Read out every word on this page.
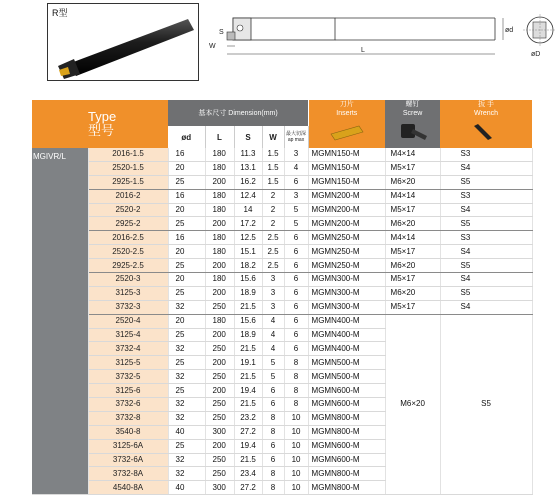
R型
L
W
S	ød
øD
Type
型号		基本尺寸 Dimension(mm)					刀片
Inserts	螺钉
Screw	扳 手
Wrench

		ød	L	S	W	最大切深
ap max			
MGIVR/L	2016-1.5	16	180	11.3	1.5	3	MGMN150-M	M4×14	S3
	2520-1.5	20	180	13.1	1.5	4	MGMN150-M	M5×17	S4
	2925-1.5	25	200	16.2	1.5	6	MGMN150-M	M6×20	S5
	2016-2	16	180	12.4	2	3	MGMN200-M	M4×14	S3
	2520-2	20	180	14	2	5	MGMN200-M	M5×17	S4
	2925-2	25	200	17.2	2	5	MGMN200-M	M6×20	S5
	2016-2.5	16	180	12.5	2.5	6	MGMN250-M	M4×14	S3
	2520-2.5	20	180	15.1	2.5	6	MGMN250-M	M5×17	S4
	2925-2.5	25	200	18.2	2.5	6	MGMN250-M	M6×20	S5
	2520-3	20	180	15.6	3	6	MGMN300-M	M5×17	S4
	3125-3	25	200	18.9	3	6	MGMN300-M	M6×20	S5
	3732-3	32	250	21.5	3	6	MGMN300-M	M5×17	S4
	2520-4	20	180	15.6	4	6	MGMN400-M	M6×20	S5
	3125-4	25	200	18.9	4	6	MGMN400-M		
	3732-4	32	250	21.5	4	6	MGMN400-M		
	3125-5	25	200	19.1	5	8	MGMN500-M		
	3732-5	32	250	21.5	5	8	MGMN500-M		
	3125-6	25	200	19.4	6	8	MGMN600-M		
	3732-6	32	250	21.5	6	8	MGMN600-M		
	3732-8	32	250	23.2	8	10	MGMN800-M		
	3540-8	40	300	27.2	8	10	MGMN800-M		
	3125-6A	25	200	19.4	6	10	MGMN600-M		
	3732-6A	32	250	21.5	6	10	MGMN600-M		
	3732-8A	32	250	23.4	8	10	MGMN800-M		
	4540-8A	40	300	27.2	8	10	MGMN800-M		
